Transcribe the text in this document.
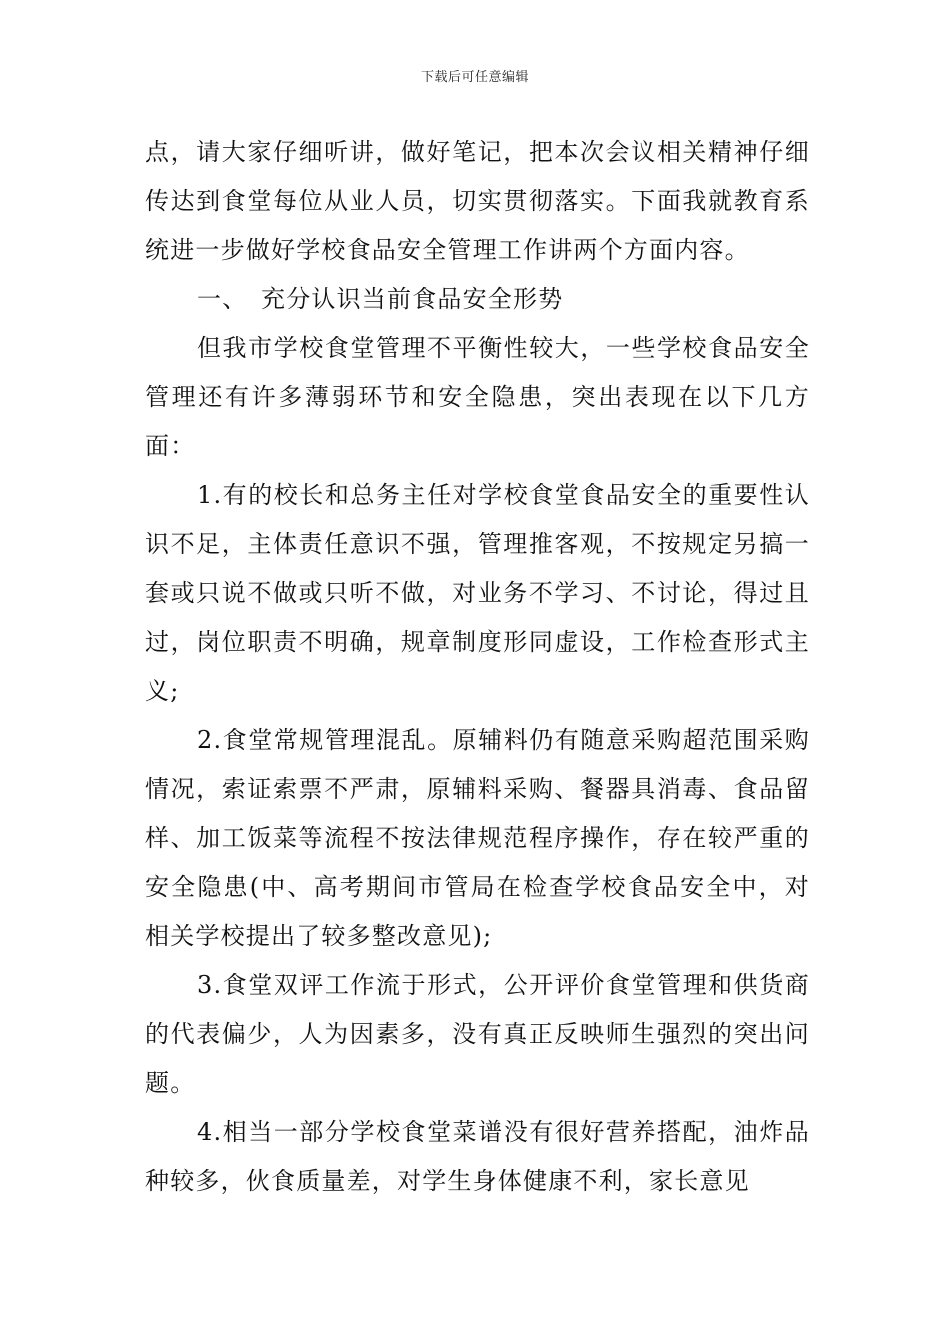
下载后可任意编辑

点，请大家仔细听讲，做好笔记，把本次会议相关精神仔细传达到食堂每位从业人员，切实贯彻落实。下面我就教育系统进一步做好学校食品安全管理工作讲两个方面内容。

一、 充分认识当前食品安全形势

但我市学校食堂管理不平衡性较大，一些学校食品安全管理还有许多薄弱环节和安全隐患，突出表现在以下几方面：

1.有的校长和总务主任对学校食堂食品安全的重要性认识不足，主体责任意识不强，管理推客观，不按规定另搞一套或只说不做或只听不做，对业务不学习、不讨论，得过且过，岗位职责不明确，规章制度形同虚设，工作检查形式主义;

2.食堂常规管理混乱。原辅料仍有随意采购超范围采购情况，索证索票不严肃，原辅料采购、餐器具消毒、食品留样、加工饭菜等流程不按法律规范程序操作，存在较严重的安全隐患(中、高考期间市管局在检查学校食品安全中，对相关学校提出了较多整改意见);

3.食堂双评工作流于形式，公开评价食堂管理和供货商的代表偏少，人为因素多，没有真正反映师生强烈的突出问题。

4.相当一部分学校食堂菜谱没有很好营养搭配，油炸品种较多，伙食质量差，对学生身体健康不利，家长意见
